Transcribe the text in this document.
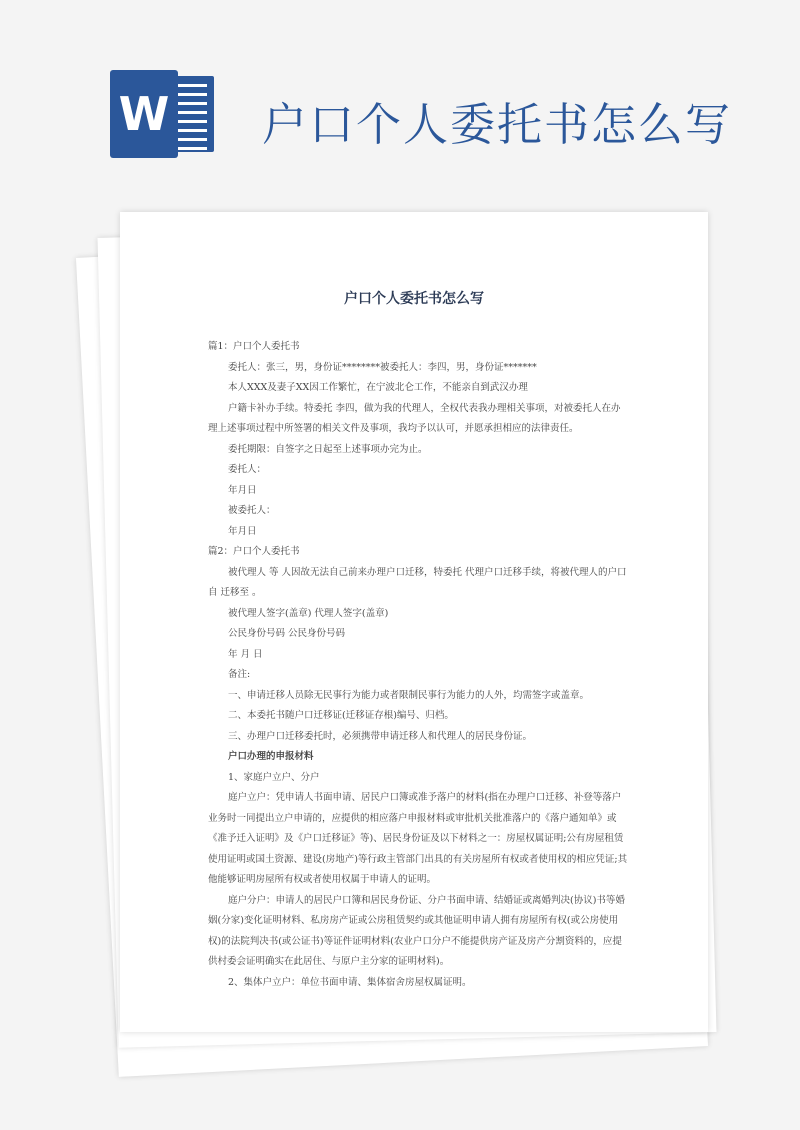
W 户口个人委托书怎么写
户口个人委托书怎么写

篇1：户口个人委托书

委托人：张三，男，身份证********被委托人：李四，男，身份证*******

本人XXX及妻子XX因工作繁忙，在宁波北仑工作，不能亲自到武汉办理

户籍卡补办手续。特委托 李四，做为我的代理人，全权代表我办理相关事项，对被委托人在办理上述事项过程中所签署的相关文件及事项，我均予以认可，并愿承担相应的法律责任。

委托期限：自签字之日起至上述事项办完为止。

委托人：

年月日

被委托人：

年月日

篇2：户口个人委托书

被代理人 等 人因故无法自己前来办理户口迁移，特委托 代理户口迁移手续，将被代理人的户口自 迁移至 。

被代理人签字(盖章) 代理人签字(盖章)

公民身份号码 公民身份号码

年 月 日

备注:

一、申请迁移人员除无民事行为能力或者限制民事行为能力的人外，均需签字或盖章。

二、本委托书随户口迁移证(迁移证存根)编号、归档。

三、办理户口迁移委托时，必须携带申请迁移人和代理人的居民身份证。

户口办理的申报材料

1、家庭户立户、分户

庭户立户：凭申请人书面申请、居民户口簿或准予落户的材料(指在办理户口迁移、补登等落户业务时一同提出立户申请的，应提供的相应落户申报材料或审批机关批准落户的《落户通知单》或《准予迁入证明》及《户口迁移证》等)、居民身份证及以下材料之一：房屋权属证明;公有房屋租赁使用证明或国土资源、建设(房地产)等行政主管部门出具的有关房屋所有权或者使用权的相应凭证;其他能够证明房屋所有权或者使用权属于申请人的证明。

庭户分户：申请人的居民户口簿和居民身份证、分户书面申请、结婚证或离婚判决(协议)书等婚姻(分家)变化证明材料、私房房产证或公房租赁契约或其他证明申请人拥有房屋所有权(或公房使用权)的法院判决书(或公证书)等证件证明材料(农业户口分户不能提供房产证及房产分割资料的，应提供村委会证明确实在此居住、与原户主分家的证明材料)。

2、集体户立户：单位书面申请、集体宿舍房屋权属证明。
